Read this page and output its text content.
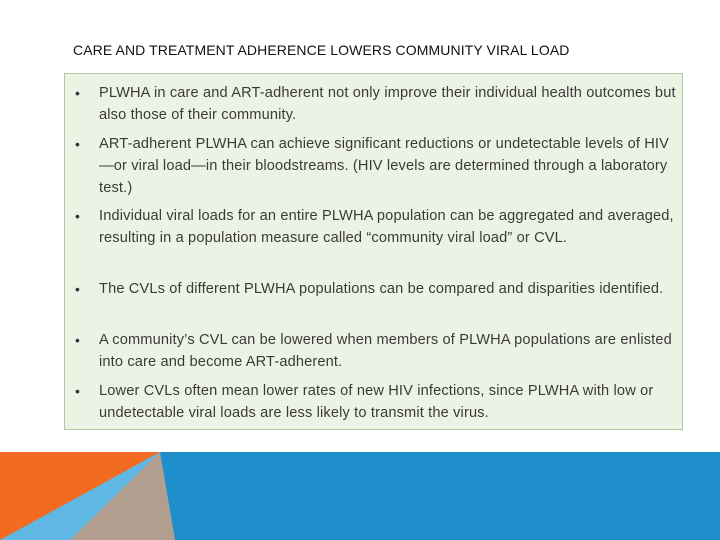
CARE AND TREATMENT ADHERENCE LOWERS COMMUNITY VIRAL LOAD
• PLWHA in care and ART-adherent not only improve their individual health outcomes but also those of their community.
• ART-adherent PLWHA can achieve significant reductions or undetectable levels of HIV—or viral load—in their bloodstreams. (HIV levels are determined through a laboratory test.)
• Individual viral loads for an entire PLWHA population can be aggregated and averaged, resulting in a population measure called “community viral load” or CVL.
• The CVLs of different PLWHA populations can be compared and disparities identified.
• A community’s CVL can be lowered when members of PLWHA populations are enlisted into care and become ART-adherent.
• Lower CVLs often mean lower rates of new HIV infections, since PLWHA with low or undetectable viral loads are less likely to transmit the virus.
